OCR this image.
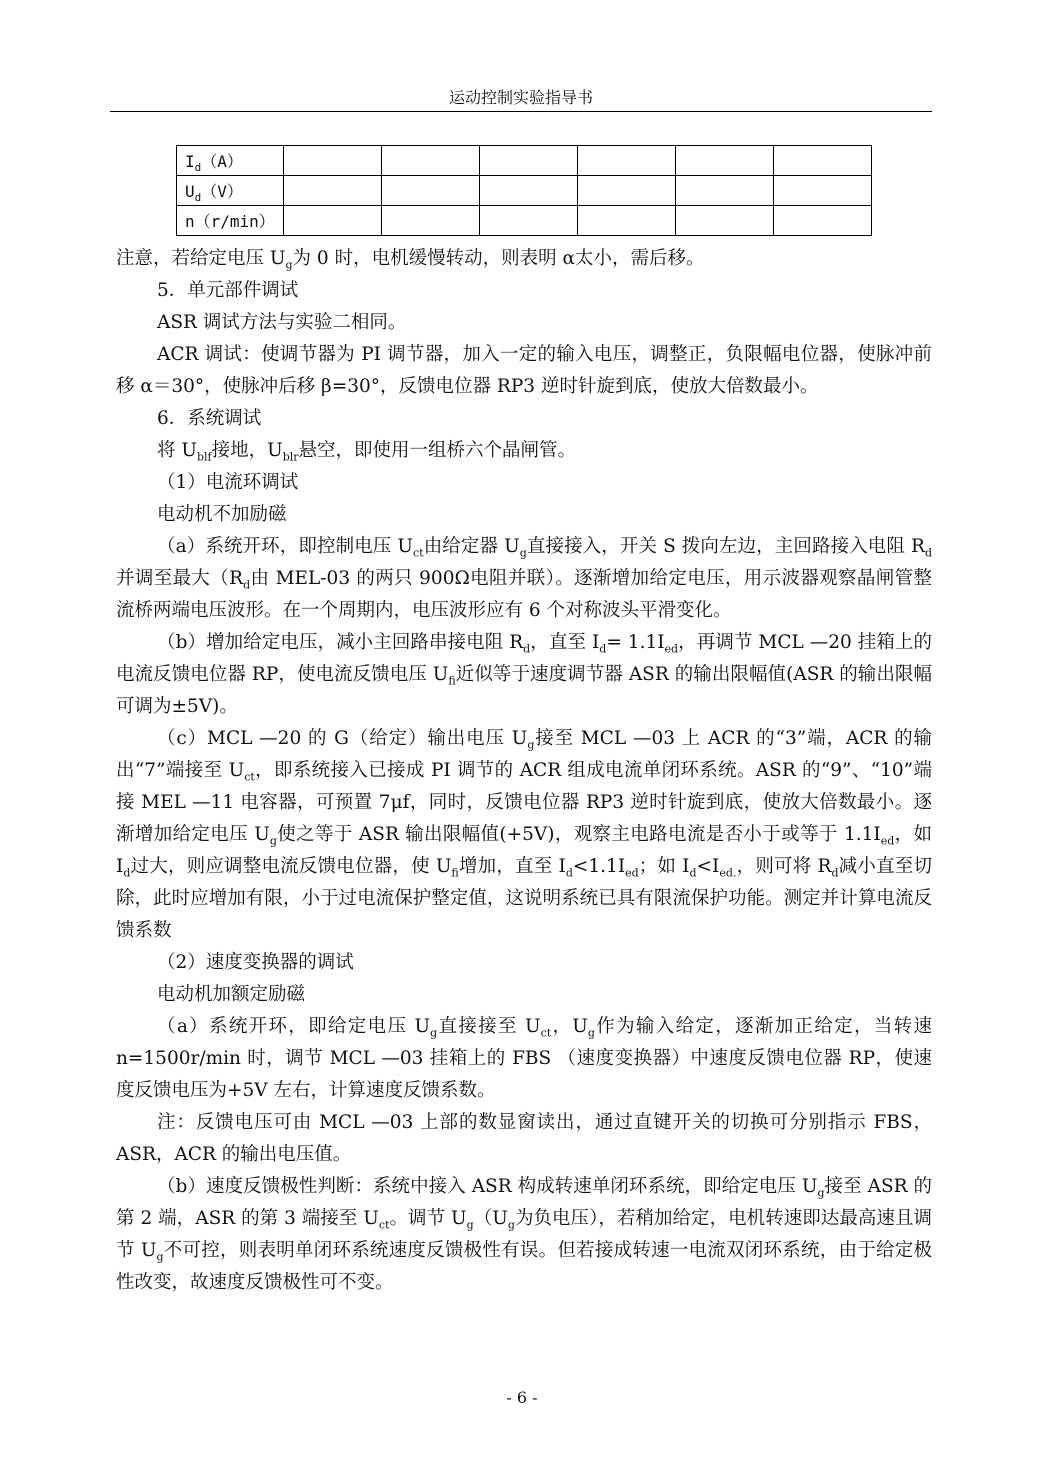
运动控制实验指导书
$I_d(A)$						
$U_d(V)$						
n（r/min）						

注意，若给定电压 $U_g$为 0 时，电机缓慢转动，则表明 α太小，需后移。

5．单元部件调试

ASR 调试方法与实验二相同。

ACR 调试：使调节器为 PI 调节器，加入一定的输入电压，调整正，负限幅电位器，使脉冲前移 α＝30°，使脉冲后移 β=30°，反馈电位器 RP3 逆时针旋到底，使放大倍数最小。

6．系统调试

将 $U_{blf}$接地，$U_{blr}$悬空，即使用一组桥六个晶闸管。

（1）电流环调试

电动机不加励磁

（a）系统开环，即控制电压 $U_{ct}$由给定器 $U_g$直接接入，开关 S 拨向左边，主回路接入电阻 $R_d$并调至最大（$R_d$由 MEL-03 的两只 900Ω电阻并联）。逐渐增加给定电压，用示波器观察晶闸管整流桥两端电压波形。在一个周期内，电压波形应有 6 个对称波头平滑变化。

（b）增加给定电压，减小主回路串接电阻 $R_d$，直至 $I_d= 1.1I_{ed}$，再调节 MCL —20 挂箱上的电流反馈电位器 RP，使电流反馈电压 $U_{fi}$近似等于速度调节器 ASR 的输出限幅值(ASR 的输出限幅可调为±5V)。

（c）MCL —20 的 G（给定）输出电压 $U_g$接至 MCL —03 上 ACR 的“3”端，ACR 的输出“7”端接至 $U_{ct}$，即系统接入已接成 PI 调节的 ACR 组成电流单闭环系统。ASR 的“9”、“10”端接 MEL —11 电容器，可预置 7μf，同时，反馈电位器 RP3 逆时针旋到底，使放大倍数最小。逐渐增加给定电压 $U_g$使之等于 ASR 输出限幅值(+5V)，观察主电路电流是否小于或等于 $1.1I_{ed}$，如 $I_d$过大，则应调整电流反馈电位器，使 $U_{fi}$增加，直至 $I_d<1.1I_{ed}$；如 $I_d<I_{ed.}$，则可将 $R_d$减小直至切除，此时应增加有限，小于过电流保护整定值，这说明系统已具有限流保护功能。测定并计算电流反馈系数

（2）速度变换器的调试

电动机加额定励磁

（a）系统开环，即给定电压 $U_g$直接接至 $U_{ct}$，$U_g$作为输入给定，逐渐加正给定，当转速 n=1500r/min 时，调节 MCL —03 挂箱上的 FBS （速度变换器）中速度反馈电位器 RP，使速度反馈电压为+5V 左右，计算速度反馈系数。

注：反馈电压可由 MCL —03 上部的数显窗读出，通过直键开关的切换可分别指示 FBS，ASR，ACR 的输出电压值。

（b）速度反馈极性判断：系统中接入 ASR 构成转速单闭环系统，即给定电压 $U_g$接至 ASR 的第 2 端，ASR 的第 3 端接至 $U_{ct}$。调节 $U_g(U_g$为负电压），若稍加给定，电机转速即达最高速且调节 $U_g$不可控，则表明单闭环系统速度反馈极性有误。但若接成转速一电流双闭环系统，由于给定极性改变，故速度反馈极性可不变。

- 6 -
